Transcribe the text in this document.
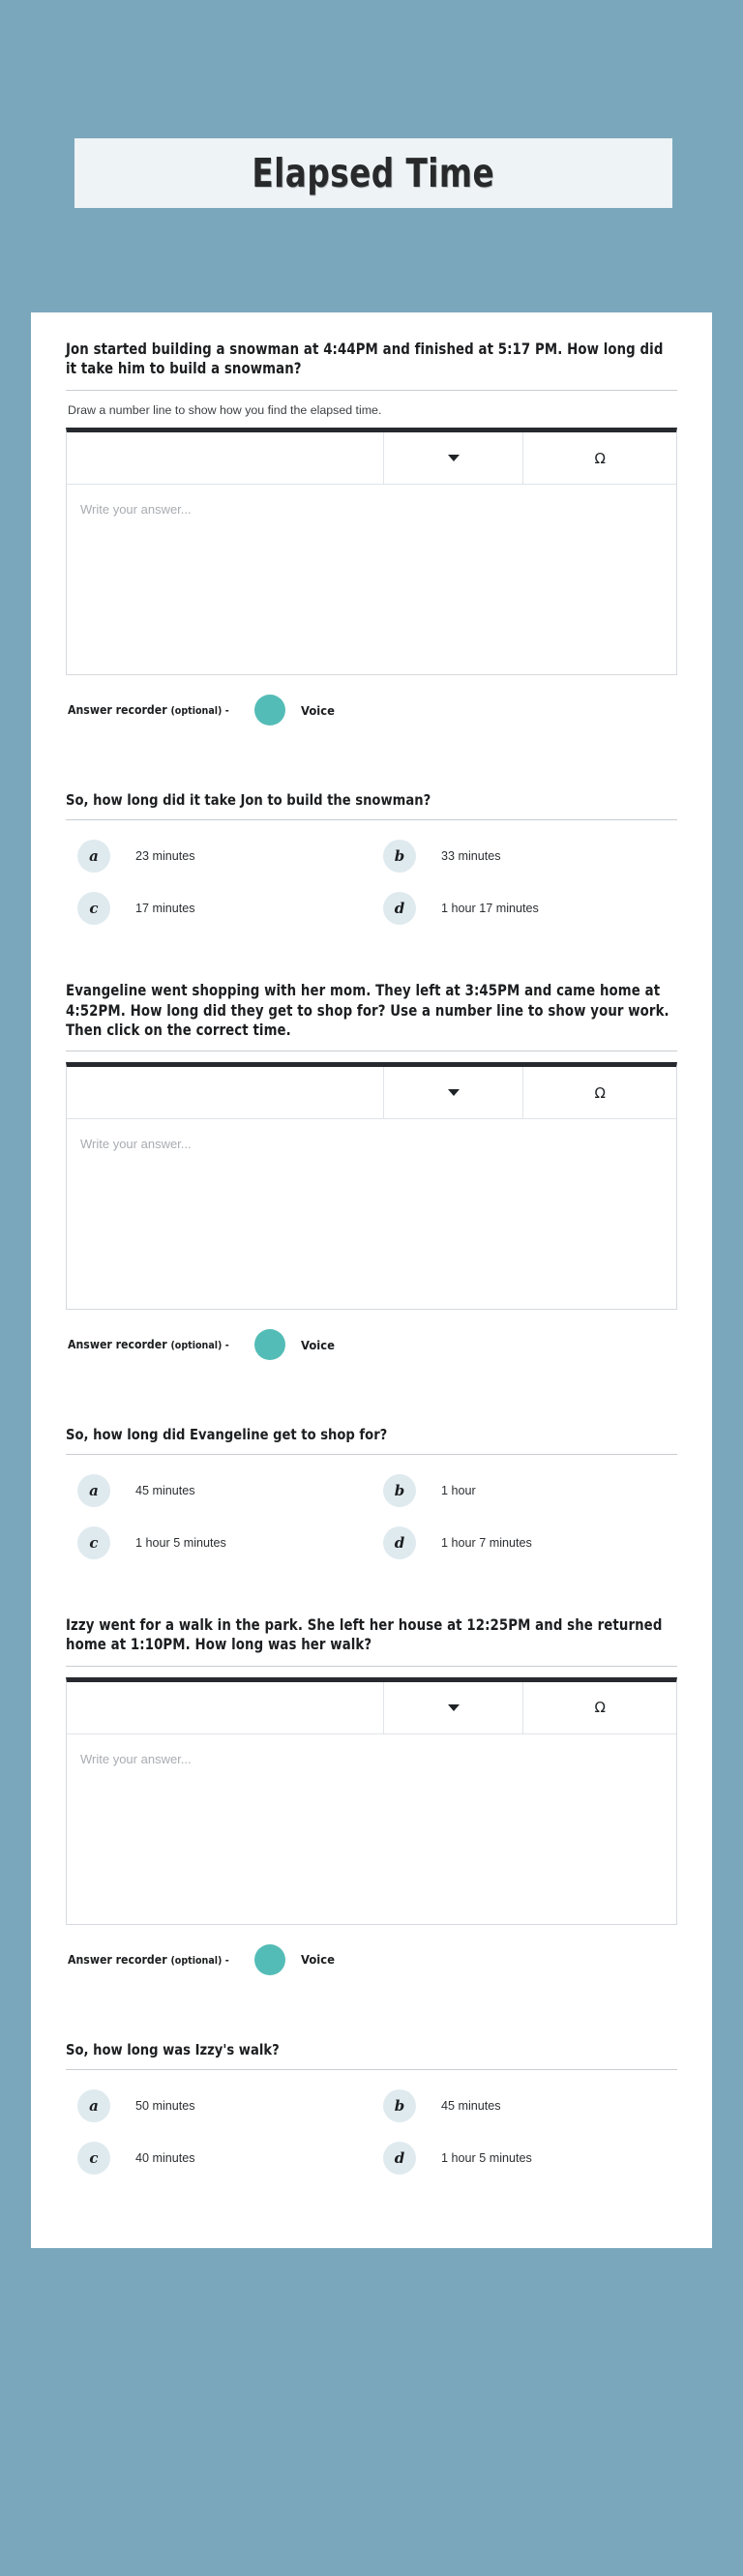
Elapsed Time
Jon started building a snowman at 4:44PM and finished at 5:17 PM. How long did it take him to build a snowman?
Draw a number line to show how you find the elapsed time.
Ω
Write your answer...
Answer recorder (optional) -	Voice
So, how long did it take Jon to build the snowman?
a	23 minutes	b	33 minutes
c	17 minutes	d	1 hour 17 minutes
Evangeline went shopping with her mom. They left at 3:45PM and came home at 4:52PM. How long did they get to shop for? Use a number line to show your work. Then click on the correct time.
Ω
Write your answer...
Answer recorder (optional) -	Voice
So, how long did Evangeline get to shop for?
a	45 minutes	b	1 hour
c	1 hour 5 minutes	d	1 hour 7 minutes
Izzy went for a walk in the park. She left her house at 12:25PM and she returned home at 1:10PM. How long was her walk?
Ω
Write your answer...
Answer recorder (optional) -	Voice
So, how long was Izzy's walk?
a	50 minutes	b	45 minutes
c	40 minutes	d	1 hour 5 minutes
